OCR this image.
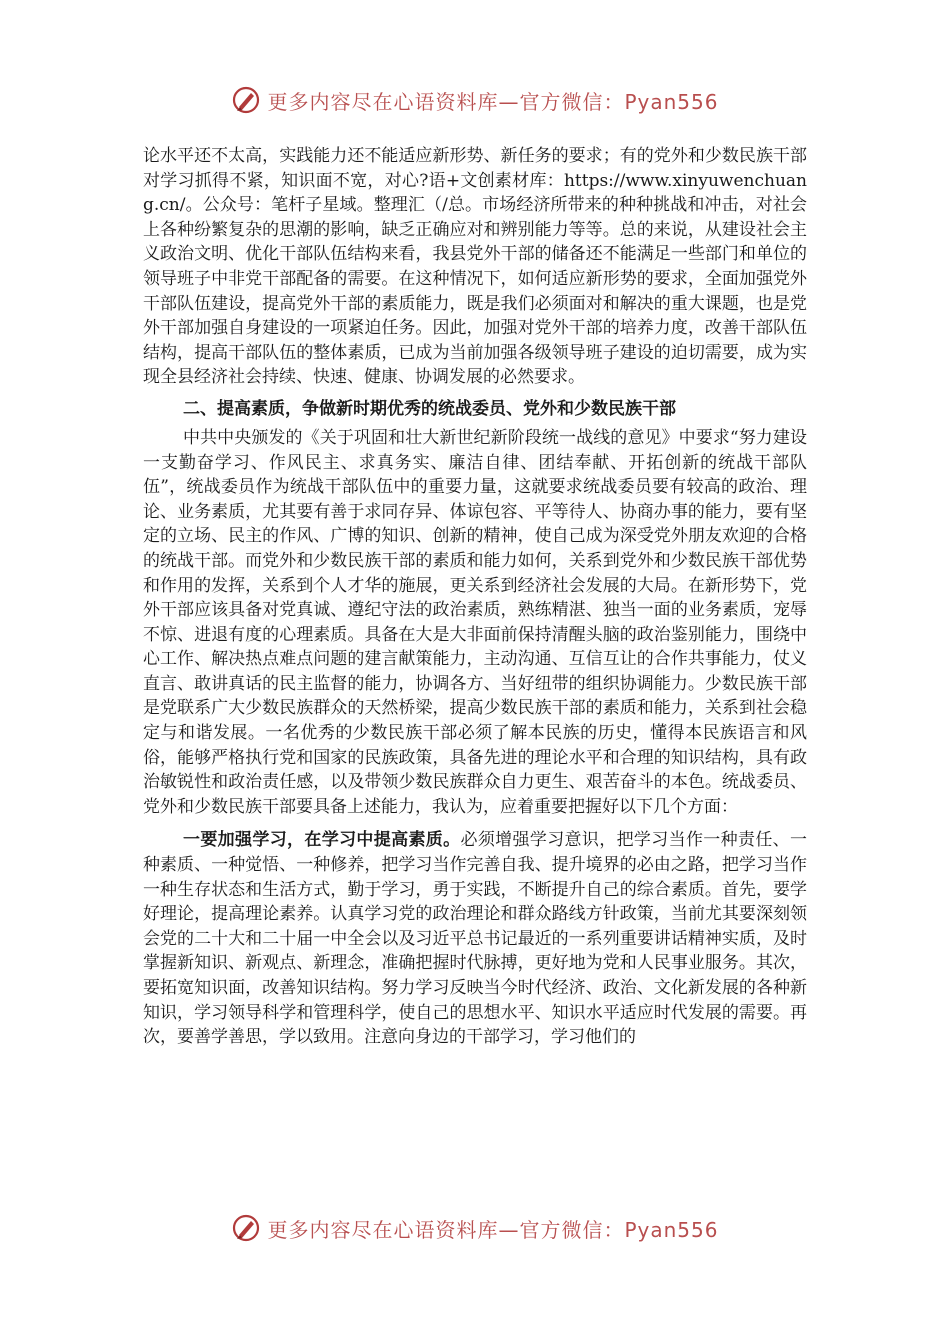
更多内容尽在心语资料库—官方微信：Pyan556

论水平还不太高，实践能力还不能适应新形势、新任务的要求；有的党外和少数民族干部对学习抓得不紧，知识面不宽，对心?语+文创素材库：https://www.xinyuwenchuang.cn/。公众号：笔杆子星域。整理汇（/总。市场经济所带来的种种挑战和冲击，对社会上各种纷繁复杂的思潮的影响，缺乏正确应对和辨别能力等等。总的来说，从建设社会主义政治文明、优化干部队伍结构来看，我县党外干部的储备还不能满足一些部门和单位的领导班子中非党干部配备的需要。在这种情况下，如何适应新形势的要求，全面加强党外干部队伍建设，提高党外干部的素质能力，既是我们必须面对和解决的重大课题，也是党外干部加强自身建设的一项紧迫任务。因此，加强对党外干部的培养力度，改善干部队伍结构，提高干部队伍的整体素质，已成为当前加强各级领导班子建设的迫切需要，成为实现全县经济社会持续、快速、健康、协调发展的必然要求。

二、提高素质，争做新时期优秀的统战委员、党外和少数民族干部

中共中央颁发的《关于巩固和壮大新世纪新阶段统一战线的意见》中要求“努力建设一支勤奋学习、作风民主、求真务实、廉洁自律、团结奉献、开拓创新的统战干部队伍”，统战委员作为统战干部队伍中的重要力量，这就要求统战委员要有较高的政治、理论、业务素质，尤其要有善于求同存异、体谅包容、平等待人、协商办事的能力，要有坚定的立场、民主的作风、广博的知识、创新的精神，使自己成为深受党外朋友欢迎的合格的统战干部。而党外和少数民族干部的素质和能力如何，关系到党外和少数民族干部优势和作用的发挥，关系到个人才华的施展，更关系到经济社会发展的大局。在新形势下，党外干部应该具备对党真诚、遵纪守法的政治素质，熟练精湛、独当一面的业务素质，宠辱不惊、进退有度的心理素质。具备在大是大非面前保持清醒头脑的政治鉴别能力，围绕中心工作、解决热点难点问题的建言献策能力，主动沟通、互信互让的合作共事能力，仗义直言、敢讲真话的民主监督的能力，协调各方、当好纽带的组织协调能力。少数民族干部是党联系广大少数民族群众的天然桥梁，提高少数民族干部的素质和能力，关系到社会稳定与和谐发展。一名优秀的少数民族干部必须了解本民族的历史，懂得本民族语言和风俗，能够严格执行党和国家的民族政策，具备先进的理论水平和合理的知识结构，具有政治敏锐性和政治责任感，以及带领少数民族群众自力更生、艰苦奋斗的本色。统战委员、党外和少数民族干部要具备上述能力，我认为，应着重要把握好以下几个方面：

一要加强学习，在学习中提高素质。必须增强学习意识，把学习当作一种责任、一种素质、一种觉悟、一种修养，把学习当作完善自我、提升境界的必由之路，把学习当作一种生存状态和生活方式，勤于学习，勇于实践，不断提升自己的综合素质。首先，要学好理论，提高理论素养。认真学习党的政治理论和群众路线方针政策，当前尤其要深刻领会党的二十大和二十届一中全会以及习近平总书记最近的一系列重要讲话精神实质，及时掌握新知识、新观点、新理念，准确把握时代脉搏，更好地为党和人民事业服务。其次，要拓宽知识面，改善知识结构。努力学习反映当今时代经济、政治、文化新发展的各种新知识，学习领导科学和管理科学，使自己的思想水平、知识水平适应时代发展的需要。再次，要善学善思，学以致用。注意向身边的干部学习，学习他们的

更多内容尽在心语资料库—官方微信：Pyan556
